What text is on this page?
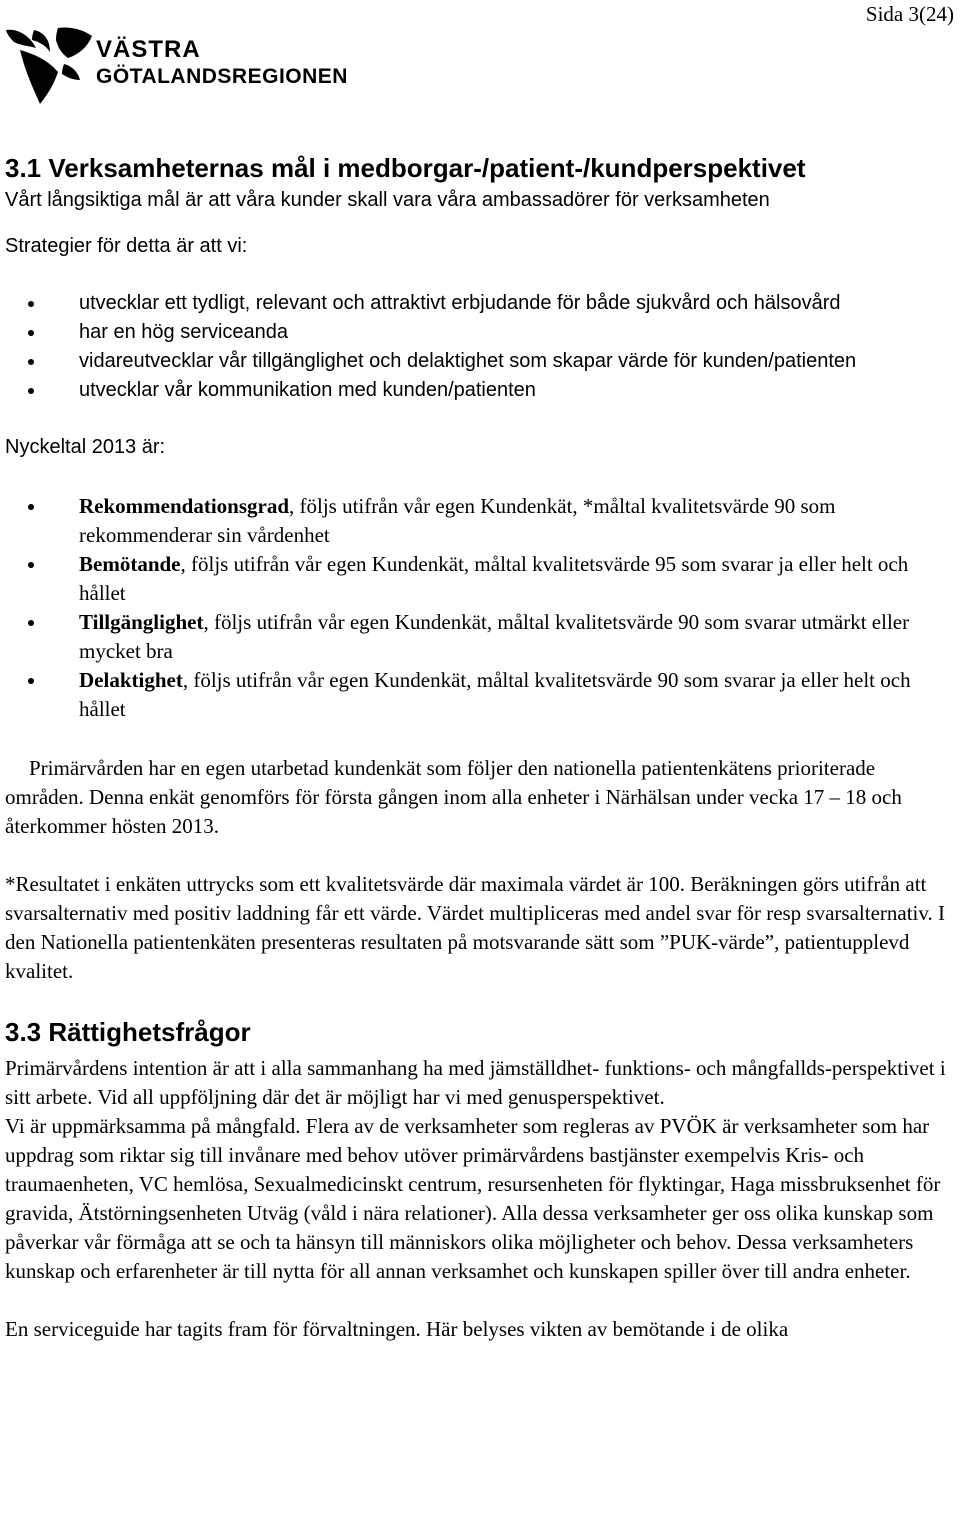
Sida 3(24)
VÄSTRA
GÖTALANDSREGIONEN
3.1 Verksamheternas mål i medborgar-/patient-/kundperspektivet

Vårt långsiktiga mål är att våra kunder skall vara våra ambassadörer för verksamheten

Strategier för detta är att vi:

utvecklar ett tydligt, relevant och attraktivt erbjudande för både sjukvård och hälsovård
har en hög serviceanda
vidareutvecklar vår tillgänglighet och delaktighet som skapar värde för kunden/patienten
utvecklar vår kommunikation med kunden/patienten

Nyckeltal 2013 är:

Rekommendationsgrad, följs utifrån vår egen Kundenkät, *måltal kvalitetsvärde 90 som rekommenderar sin vårdenhet
Bemötande, följs utifrån vår egen Kundenkät, måltal kvalitetsvärde 95 som svarar ja eller helt och hållet
Tillgänglighet, följs utifrån vår egen Kundenkät, måltal kvalitetsvärde 90 som svarar utmärkt eller mycket bra
Delaktighet, följs utifrån vår egen Kundenkät, måltal kvalitetsvärde 90 som svarar ja eller helt och hållet

Primärvården har en egen utarbetad kundenkät som följer den nationella patientenkätens prioriterade områden. Denna enkät genomförs för första gången inom alla enheter i Närhälsan under vecka 17 – 18 och återkommer hösten 2013.

*Resultatet i enkäten uttrycks som ett kvalitetsvärde där maximala värdet är 100. Beräkningen görs utifrån att svarsalternativ med positiv laddning får ett värde. Värdet multipliceras med andel svar för resp svarsalternativ. I den Nationella patientenkäten presenteras resultaten på motsvarande sätt som ”PUK-värde”, patientupplevd kvalitet.

3.3 Rättighetsfrågor

Primärvårdens intention är att i alla sammanhang ha med jämställdhet- funktions- och mångfallds-perspektivet i sitt arbete. Vid all uppföljning där det är möjligt har vi med genusperspektivet.

Vi är uppmärksamma på mångfald. Flera av de verksamheter som regleras av PVÖK är verksamheter som har uppdrag som riktar sig till invånare med behov utöver primärvårdens bastjänster exempelvis Kris- och traumaenheten, VC hemlösa, Sexualmedicinskt centrum, resursenheten för flyktingar, Haga missbruksenhet för gravida, Ätstörningsenheten Utväg (våld i nära relationer). Alla dessa verksamheter ger oss olika kunskap som påverkar vår förmåga att se och ta hänsyn till människors olika möjligheter och behov. Dessa verksamheters kunskap och erfarenheter är till nytta för all annan verksamhet och kunskapen spiller över till andra enheter.

En serviceguide har tagits fram för förvaltningen. Här belyses vikten av bemötande i de olika
